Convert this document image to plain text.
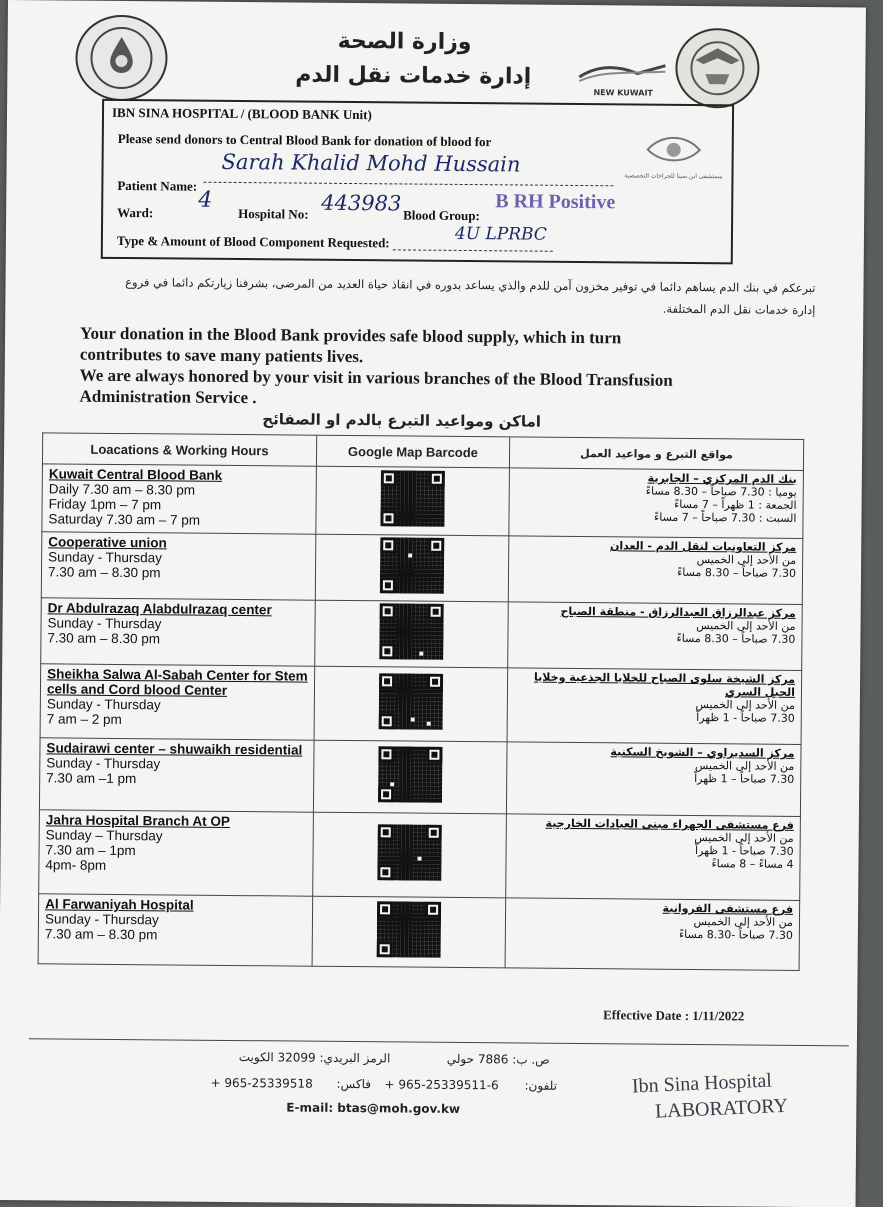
وزارة الصحة
إدارة خدمات نقل الدم
NEW KUWAIT
IBN SINA HOSPITAL / (BLOOD BANK Unit)
Please send donors to Central Blood Bank for donation of blood for
مستشفى ابن سينا للجراحات التخصصية
Sarah Khalid Mohd Hussain
Patient Name:
Ward: 4
Hospital No: 443983 Blood Group:
B RH Positive
Type & Amount of Blood Component Requested:	4U LPRBC
تبرعكم في بنك الدم يساهم دائما في توفير مخزون آمن للدم والذي يساعد بدوره في انقاذ حياة العديد من المرضى، بشرفنا زيارتكم دائما في فروع
إدارة خدمات نقل الدم المختلفة.
Your donation in the Blood Bank provides safe blood supply, which in turn
contributes to save many patients lives.
We are always honored by your visit in various branches of the Blood Transfusion
Administration Service .
اماكن ومواعيد التبرع بالدم او الصفائح
Loacations & Working Hours	Google Map Barcode	مواقع التبرع و مواعيد العمل

Kuwait Central Blood Bank
Daily 7.30 am – 8.30 pm
Friday 1pm – 7 pm
Saturday 7.30 am – 7 pm		بنك الدم المركزي – الجابرية
يوميا : 7.30 صباحاً – 8.30 مساءً
الجمعة : 1 ظهراً – 7 مساءً
السبت : 7.30 صباحاً – 7 مساءً

Cooperative union
Sunday - Thursday
7.30 am – 8.30 pm		مركز التعاونيات لنقل الدم - العدان
من الأحد إلى الخميس
7.30 صباحاً – 8.30 مساءً

Dr Abdulrazaq Alabdulrazaq center
Sunday - Thursday
7.30 am – 8.30 pm		مركز عبدالرزاق العبدالرزاق - منطقة الصباح
من الأحد إلى الخميس
7.30 صباحاً – 8.30 مساءً

Sheikha Salwa Al-Sabah Center for Stem cells and Cord blood Center
Sunday - Thursday
7 am – 2 pm		مركز الشيخة سلوى الصباح للخلايا الجذعية وخلايا الحبل السري
من الأحد إلى الخميس
7.30 صباحاً - 1 ظهراً

Sudairawi center – shuwaikh residential
Sunday - Thursday
7.30 am –1 pm		مركز السديراوي – الشويخ السكنية
من الأحد إلى الخميس
7.30 صباحاً – 1 ظهراً

Jahra Hospital Branch At OP
Sunday – Thursday
7.30 am – 1pm
4pm- 8pm		فرع مستشفى الجهراء مبنى العيادات الخارجية
من الأحد إلى الخميس
7.30 صباحاً - 1 ظهراً
4 مساءً – 8 مساءً

Al Farwaniyah Hospital
Sunday - Thursday
7.30 am – 8.30 pm		فرع مستشفى الفروانية
من الأحد إلى الخميس
7.30 صباحاً -8.30 مساءً
Effective Date : 1/11/2022
الرمز البريدي: 32099 الكويت	ص. ب: 7886 حولي
+ 965-25339518 فاكس: + 965-25339511-6 تلفون:
E-mail: btas@moh.gov.kw
Ibn Sina Hospital
LABORATORY
